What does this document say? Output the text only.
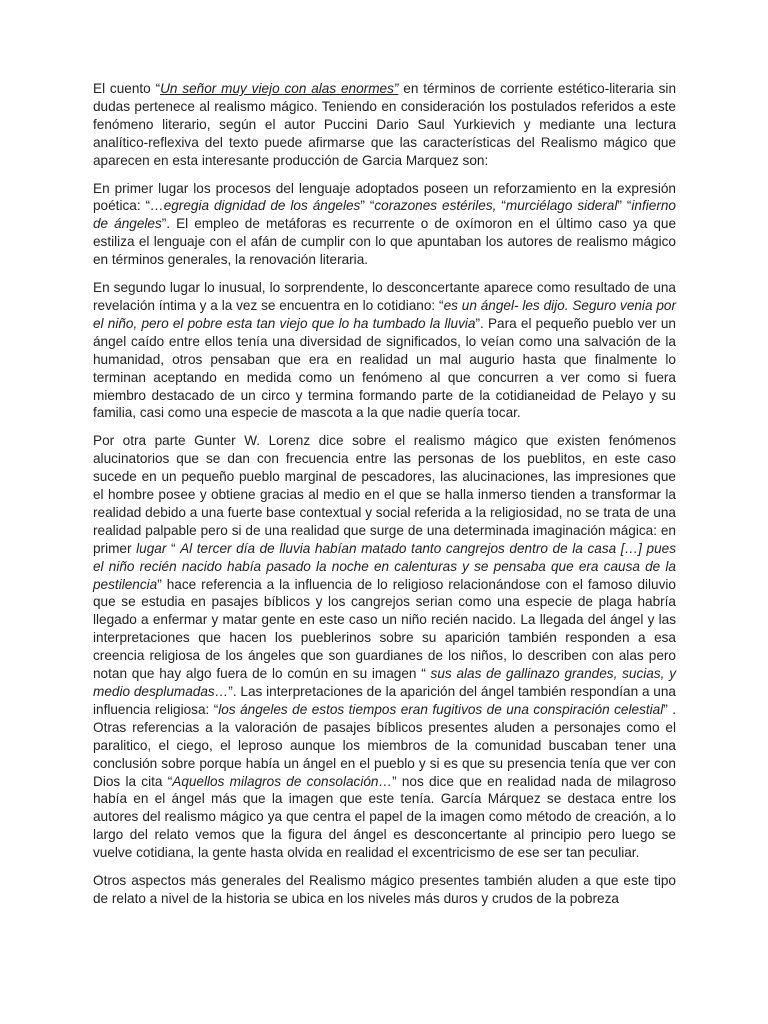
El cuento “Un señor muy viejo con alas enormes” en términos de corriente estético-literaria sin dudas pertenece al realismo mágico. Teniendo en consideración los postulados referidos a este fenómeno literario, según el autor Puccini Dario Saul Yurkievich y mediante una lectura analítico-reflexiva del texto puede afirmarse que las características del Realismo mágico que aparecen en esta interesante producción de Garcia Marquez son:

En primer lugar los procesos del lenguaje adoptados poseen un reforzamiento en la expresión poética: “…egregia dignidad de los ángeles” “corazones estériles, “murciélago sideral” “infierno de ángeles”. El empleo de metáforas es recurrente o de oxímoron en el último caso ya que estiliza el lenguaje con el afán de cumplir con lo que apuntaban los autores de realismo mágico en términos generales, la renovación literaria.

En segundo lugar lo inusual, lo sorprendente, lo desconcertante aparece como resultado de una revelación íntima y a la vez se encuentra en lo cotidiano: “es un ángel- les dijo. Seguro venia por el niño, pero el pobre esta tan viejo que lo ha tumbado la lluvia”. Para el pequeño pueblo ver un ángel caído entre ellos tenía una diversidad de significados, lo veían como una salvación de la humanidad, otros pensaban que era en realidad un mal augurio hasta que finalmente lo terminan aceptando en medida como un fenómeno al que concurren a ver como si fuera miembro destacado de un circo y termina formando parte de la cotidianeidad de Pelayo y su familia, casi como una especie de mascota a la que nadie quería tocar.

Por otra parte Gunter W. Lorenz dice sobre el realismo mágico que existen fenómenos alucinatorios que se dan con frecuencia entre las personas de los pueblitos, en este caso sucede en un pequeño pueblo marginal de pescadores, las alucinaciones, las impresiones que el hombre posee y obtiene gracias al medio en el que se halla inmerso tienden a transformar la realidad debido a una fuerte base contextual y social referida a la religiosidad, no se trata de una realidad palpable pero si de una realidad que surge de una determinada imaginación mágica: en primer lugar “ Al tercer día de lluvia habían matado tanto cangrejos dentro de la casa […] pues el niño recién nacido había pasado la noche en calenturas y se pensaba que era causa de la pestilencia” hace referencia a la influencia de lo religioso relacionándose con el famoso diluvio que se estudia en pasajes bíblicos y los cangrejos serian como una especie de plaga habría llegado a enfermar y matar gente en este caso un niño recién nacido. La llegada del ángel y las interpretaciones que hacen los pueblerinos sobre su aparición también responden a esa creencia religiosa de los ángeles que son guardianes de los niños, lo describen con alas pero notan que hay algo fuera de lo común en su imagen “ sus alas de gallinazo grandes, sucias, y medio desplumadas…”. Las interpretaciones de la aparición del ángel también respondían a una influencia religiosa: “los ángeles de estos tiempos eran fugitivos de una conspiración celestial” . Otras referencias a la valoración de pasajes bíblicos presentes aluden a personajes como el paralitico, el ciego, el leproso aunque los miembros de la comunidad buscaban tener una conclusión sobre porque había un ángel en el pueblo y si es que su presencia tenía que ver con Dios la cita “Aquellos milagros de consolación…” nos dice que en realidad nada de milagroso había en el ángel más que la imagen que este tenía. García Márquez se destaca entre los autores del realismo mágico ya que centra el papel de la imagen como método de creación, a lo largo del relato vemos que la figura del ángel es desconcertante al principio pero luego se vuelve cotidiana, la gente hasta olvida en realidad el excentricismo de ese ser tan peculiar.

Otros aspectos más generales del Realismo mágico presentes también aluden a que este tipo de relato a nivel de la historia se ubica en los niveles más duros y crudos de la pobreza
